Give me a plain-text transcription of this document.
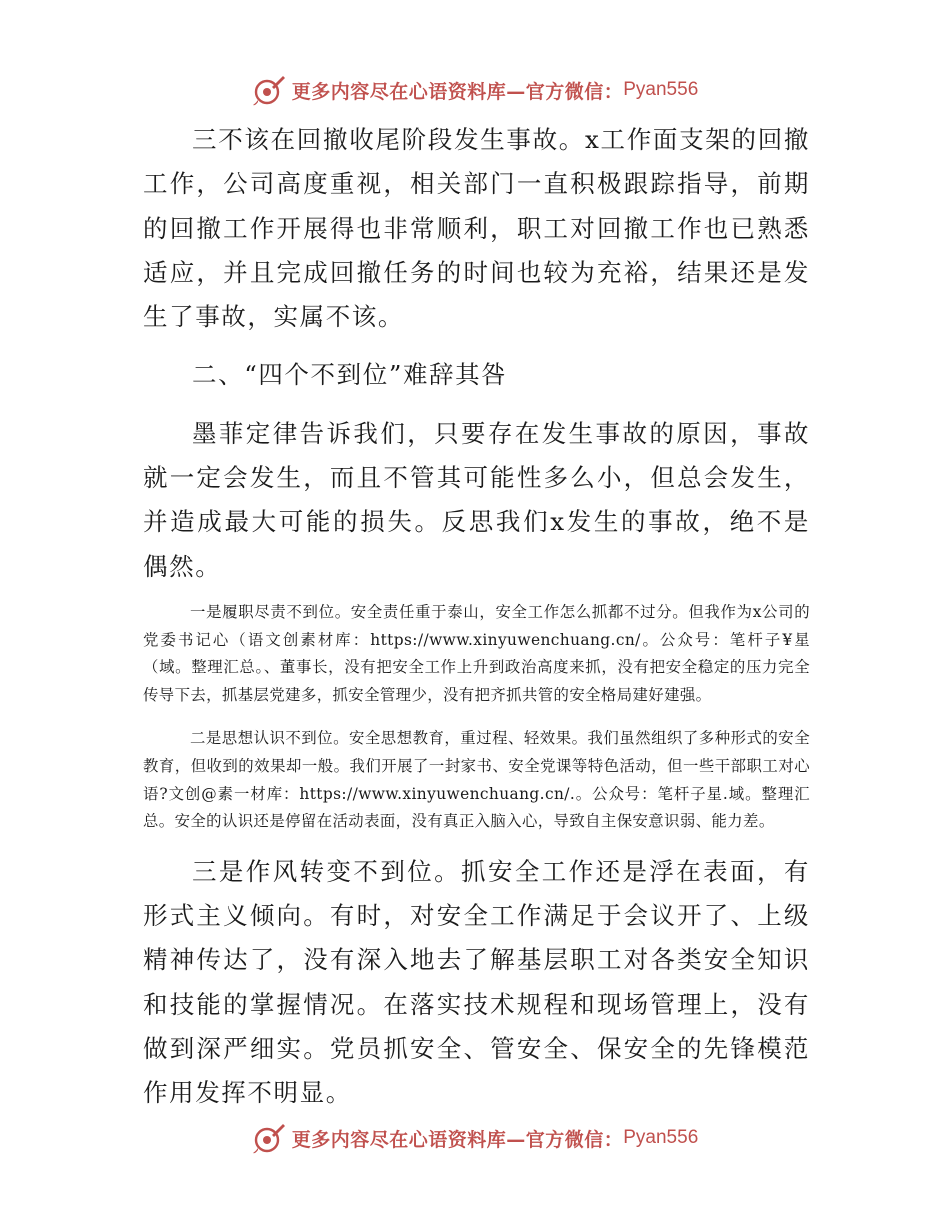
更多内容尽在心语资料库—官方微信： Pyan556

三不该在回撤收尾阶段发生事故。x工作面支架的回撤工作，公司高度重视，相关部门一直积极跟踪指导，前期的回撤工作开展得也非常顺利，职工对回撤工作也已熟悉适应，并且完成回撤任务的时间也较为充裕，结果还是发生了事故，实属不该。

二、“四个不到位”难辞其咎

墨菲定律告诉我们，只要存在发生事故的原因，事故就一定会发生，而且不管其可能性多么小，但总会发生，并造成最大可能的损失。反思我们x发生的事故，绝不是偶然。

一是履职尽责不到位。安全责任重于泰山，安全工作怎么抓都不过分。但我作为x公司的党委书记心（语文创素材库：https://www.xinyuwenchuang.cn/。公众号：笔杆子¥星（域。整理汇总。、董事长，没有把安全工作上升到政治高度来抓，没有把安全稳定的压力完全传导下去，抓基层党建多，抓安全管理少，没有把齐抓共管的安全格局建好建强。

二是思想认识不到位。安全思想教育，重过程、轻效果。我们虽然组织了多种形式的安全教育，但收到的效果却一般。我们开展了一封家书、安全党课等特色活动，但一些干部职工对心语?文创@素一材库：https://www.xinyuwenchuang.cn/.。公众号：笔杆子星.域。整理汇总。安全的认识还是停留在活动表面，没有真正入脑入心，导致自主保安意识弱、能力差。

三是作风转变不到位。抓安全工作还是浮在表面，有形式主义倾向。有时，对安全工作满足于会议开了、上级精神传达了，没有深入地去了解基层职工对各类安全知识和技能的掌握情况。在落实技术规程和现场管理上，没有做到深严细实。党员抓安全、管安全、保安全的先锋模范作用发挥不明显。

更多内容尽在心语资料库—官方微信： Pyan556
